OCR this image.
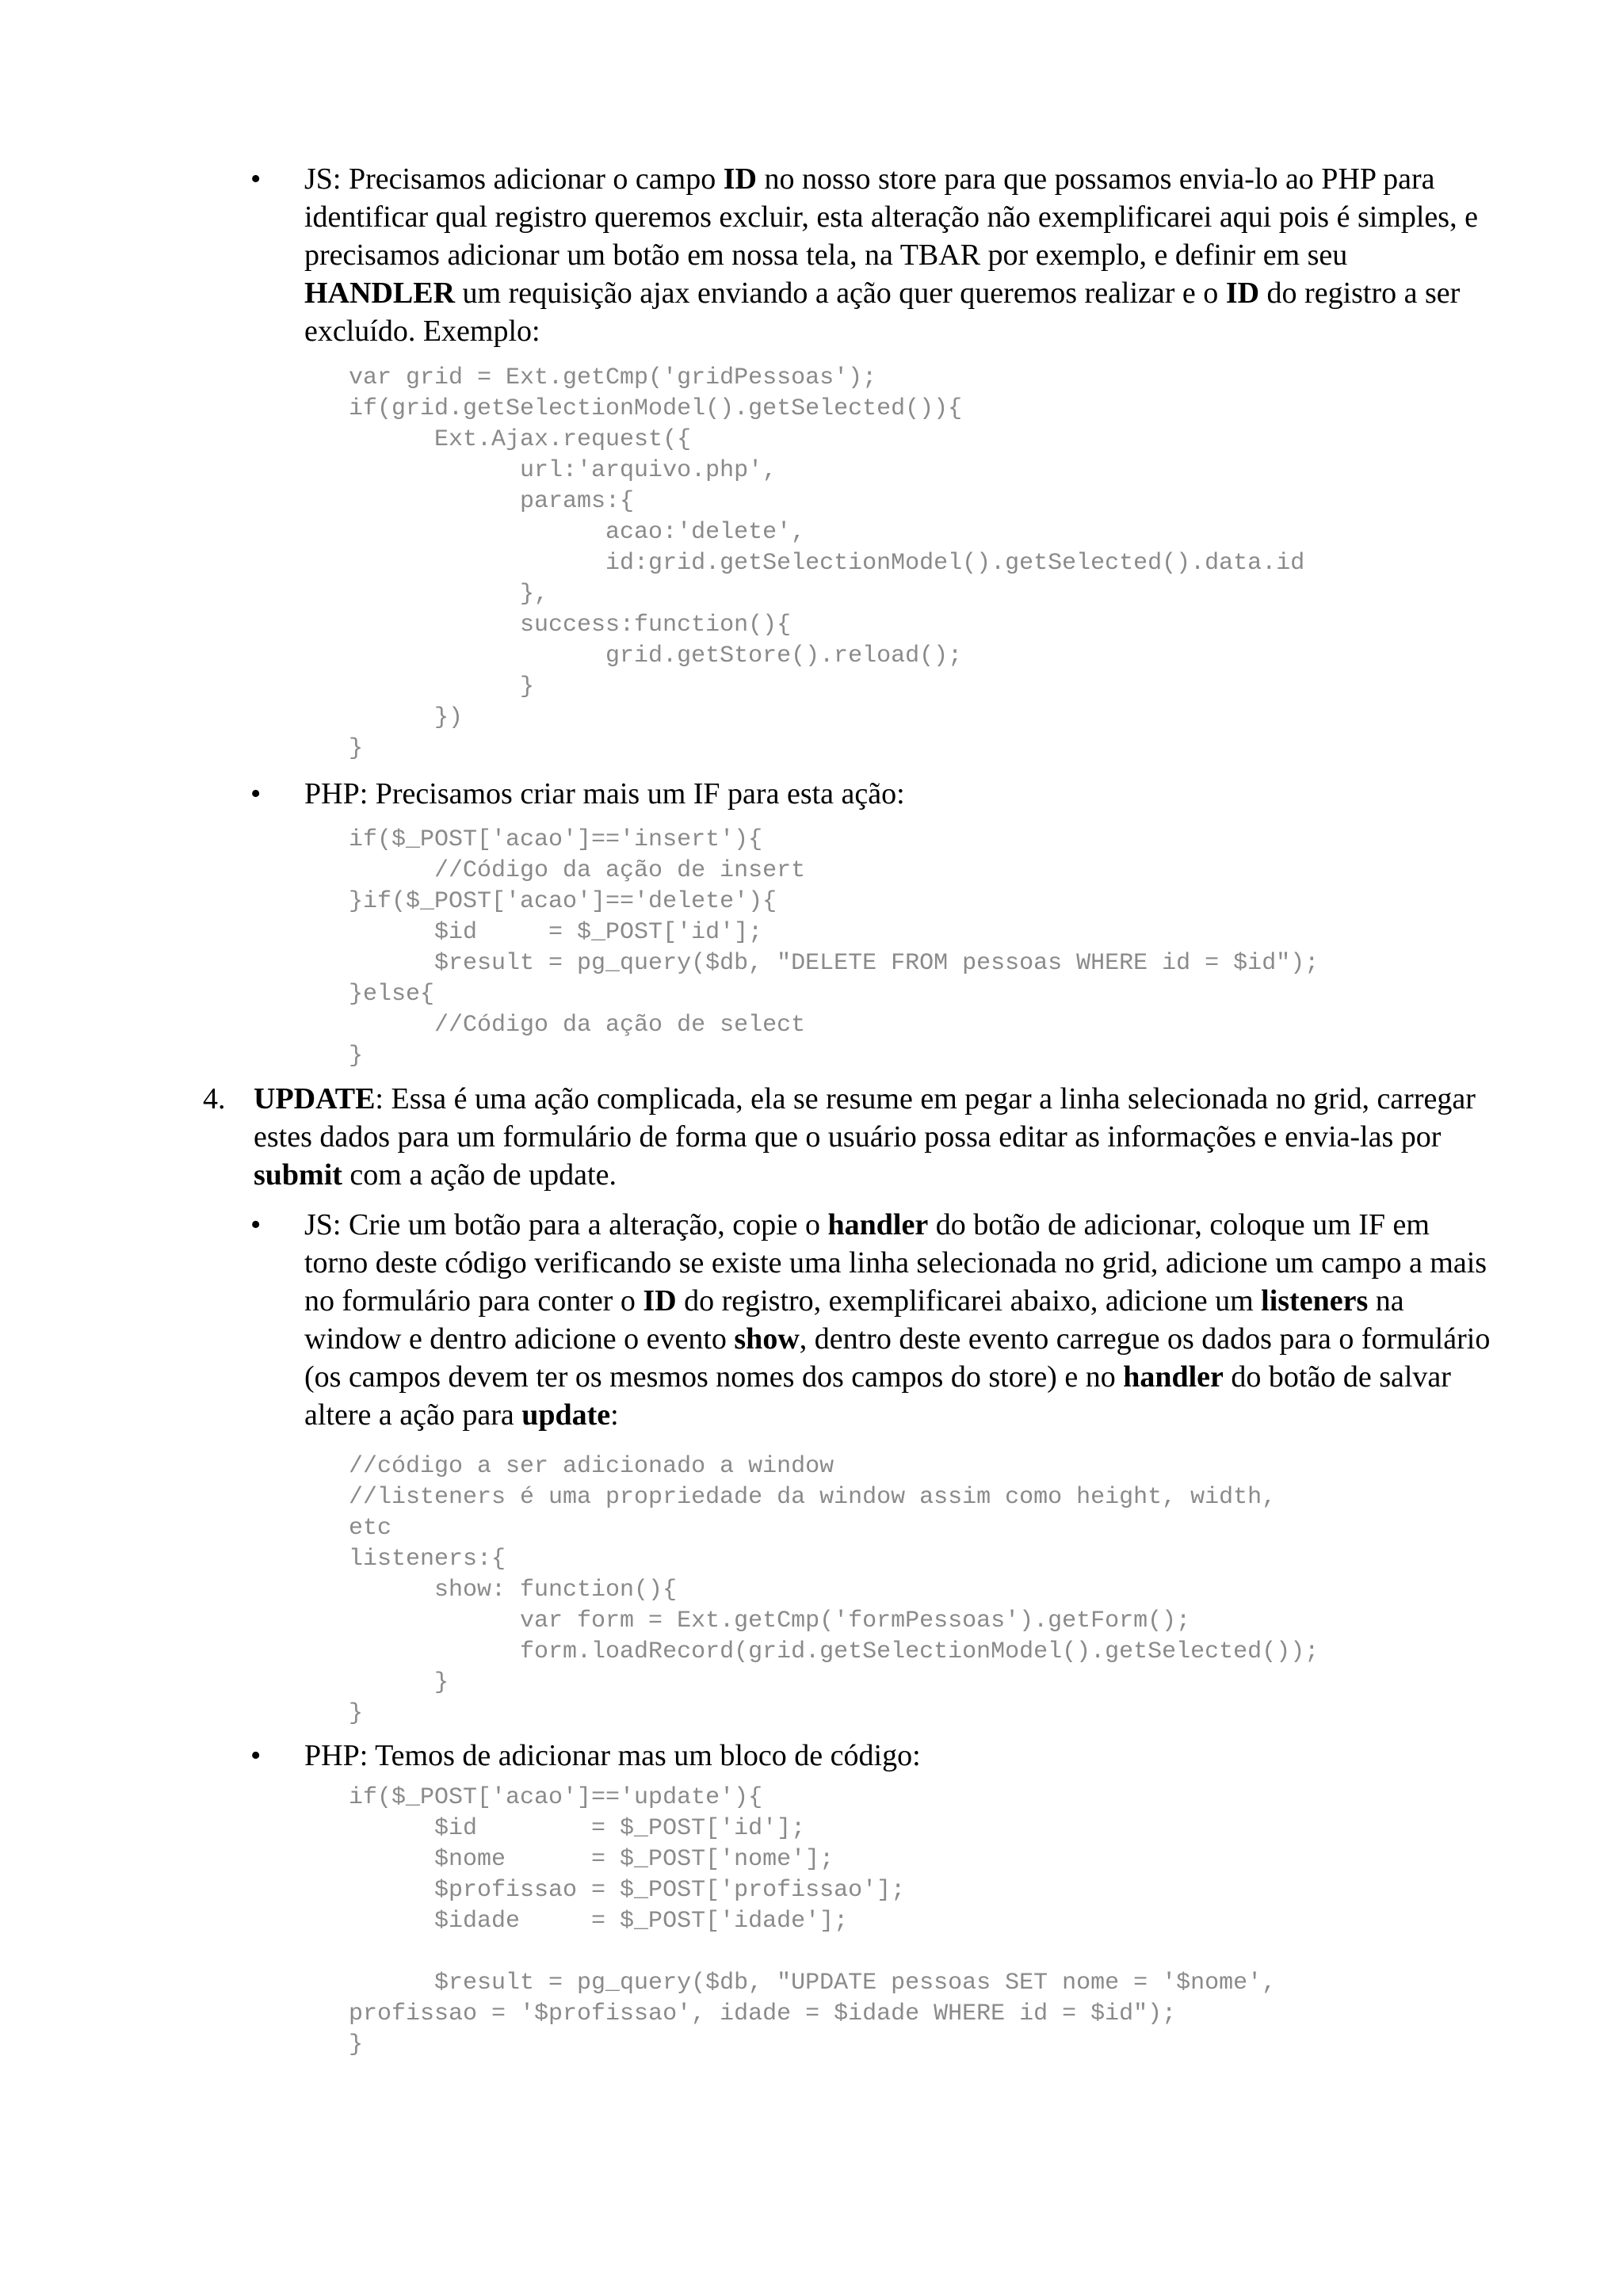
• JS: Precisamos adicionar o campo ID no nosso store para que possamos envia-lo ao PHP para identificar qual registro queremos excluir, esta alteração não exemplificarei aqui pois é simples, e precisamos adicionar um botão em nossa tela, na TBAR por exemplo, e definir em seu HANDLER um requisição ajax enviando a ação quer queremos realizar e o ID do registro a ser excluído. Exemplo:
var grid = Ext.getCmp('gridPessoas');
if(grid.getSelectionModel().getSelected()){
Ext.Ajax.request({
url:'arquivo.php',
params:{
acao:'delete',
id:grid.getSelectionModel().getSelected().data.id
},
success:function(){
grid.getStore().reload();
}
})
}
• PHP: Precisamos criar mais um IF para esta ação:
if($_POST['acao']=='insert'){
//Código da ação de insert
}if($_POST['acao']=='delete'){
$id     = $_POST['id'];
$result = pg_query($db, "DELETE FROM pessoas WHERE id = $id");
}else{
//Código da ação de select
}
4. UPDATE: Essa é uma ação complicada, ela se resume em pegar a linha selecionada no grid, carregar estes dados para um formulário de forma que o usuário possa editar as informações e envia-las por submit com a ação de update.
• JS: Crie um botão para a alteração, copie o handler do botão de adicionar, coloque um IF em torno deste código verificando se existe uma linha selecionada no grid, adicione um campo a mais no formulário para conter o ID do registro, exemplificarei abaixo, adicione um listeners na window e dentro adicione o evento show, dentro deste evento carregue os dados para o formulário (os campos devem ter os mesmos nomes dos campos do store) e no handler do botão de salvar altere a ação para update:
//código a ser adicionado a window
//listeners é uma propriedade da window assim como height, width,
etc
listeners:{
show: function(){
var form = Ext.getCmp('formPessoas').getForm();
form.loadRecord(grid.getSelectionModel().getSelected());
}
}
• PHP: Temos de adicionar mas um bloco de código:
if($_POST['acao']=='update'){
$id        = $_POST['id'];
$nome      = $_POST['nome'];
$profissao = $_POST['profissao'];
$idade     = $_POST['idade'];

$result = pg_query($db, "UPDATE pessoas SET nome = '$nome',
profissao = '$profissao', idade = $idade WHERE id = $id");
}
